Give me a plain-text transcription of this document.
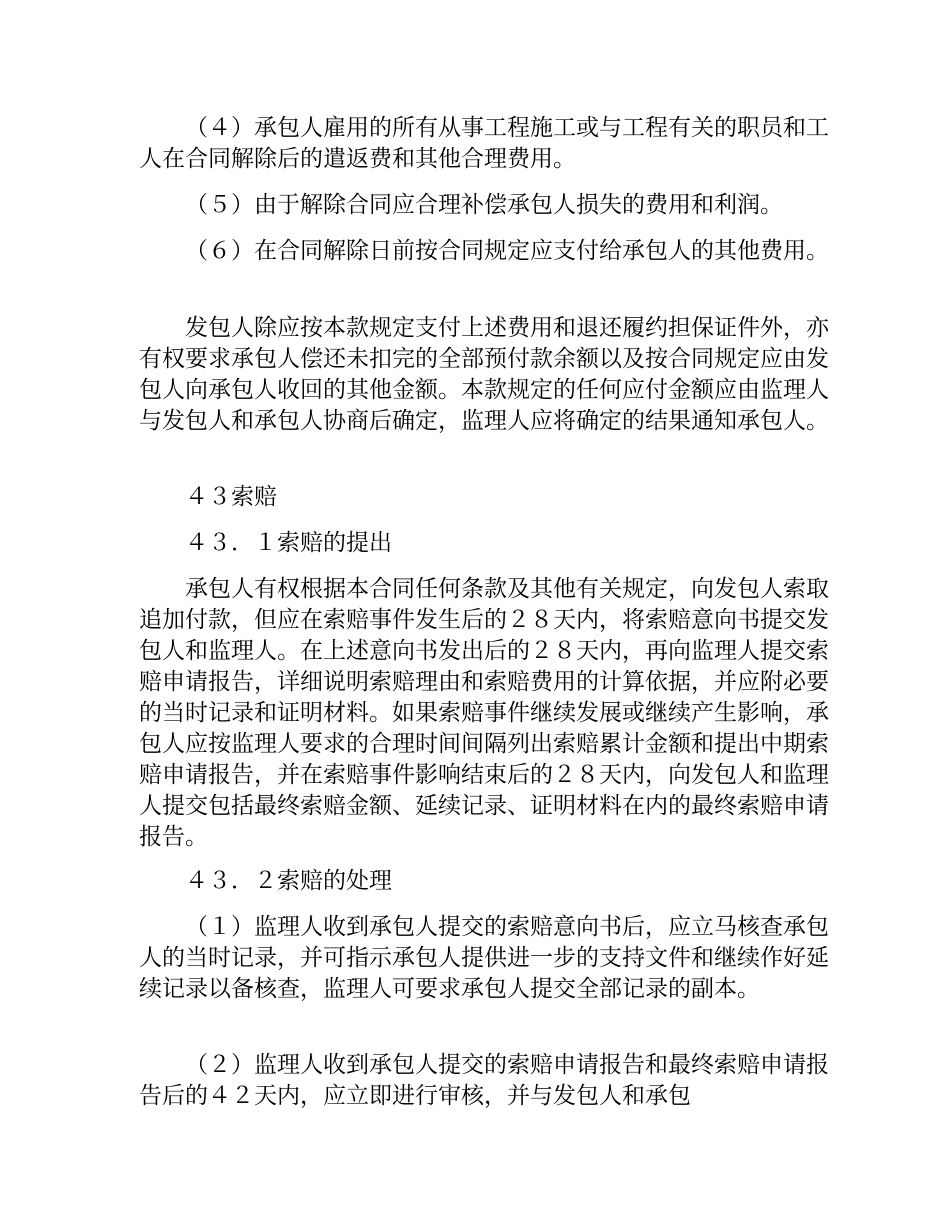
（４）承包人雇用的所有从事工程施工或与工程有关的职员和工人在合同解除后的遣返费和其他合理费用。

（５）由于解除合同应合理补偿承包人损失的费用和利润。

（６）在合同解除日前按合同规定应支付给承包人的其他费用。

发包人除应按本款规定支付上述费用和退还履约担保证件外，亦有权要求承包人偿还未扣完的全部预付款余额以及按合同规定应由发包人向承包人收回的其他金额。本款规定的任何应付金额应由监理人与发包人和承包人协商后确定，监理人应将确定的结果通知承包人。

４３索赔

４３．１索赔的提出

承包人有权根据本合同任何条款及其他有关规定，向发包人索取追加付款，但应在索赔事件发生后的２８天内，将索赔意向书提交发包人和监理人。在上述意向书发出后的２８天内，再向监理人提交索赔申请报告，详细说明索赔理由和索赔费用的计算依据，并应附必要的当时记录和证明材料。如果索赔事件继续发展或继续产生影响，承包人应按监理人要求的合理时间间隔列出索赔累计金额和提出中期索赔申请报告，并在索赔事件影响结束后的２８天内，向发包人和监理人提交包括最终索赔金额、延续记录、证明材料在内的最终索赔申请报告。

４３．２索赔的处理

（１）监理人收到承包人提交的索赔意向书后，应立马核查承包人的当时记录，并可指示承包人提供进一步的支持文件和继续作好延续记录以备核查，监理人可要求承包人提交全部记录的副本。

（２）监理人收到承包人提交的索赔申请报告和最终索赔申请报告后的４２天内，应立即进行审核，并与发包人和承包
